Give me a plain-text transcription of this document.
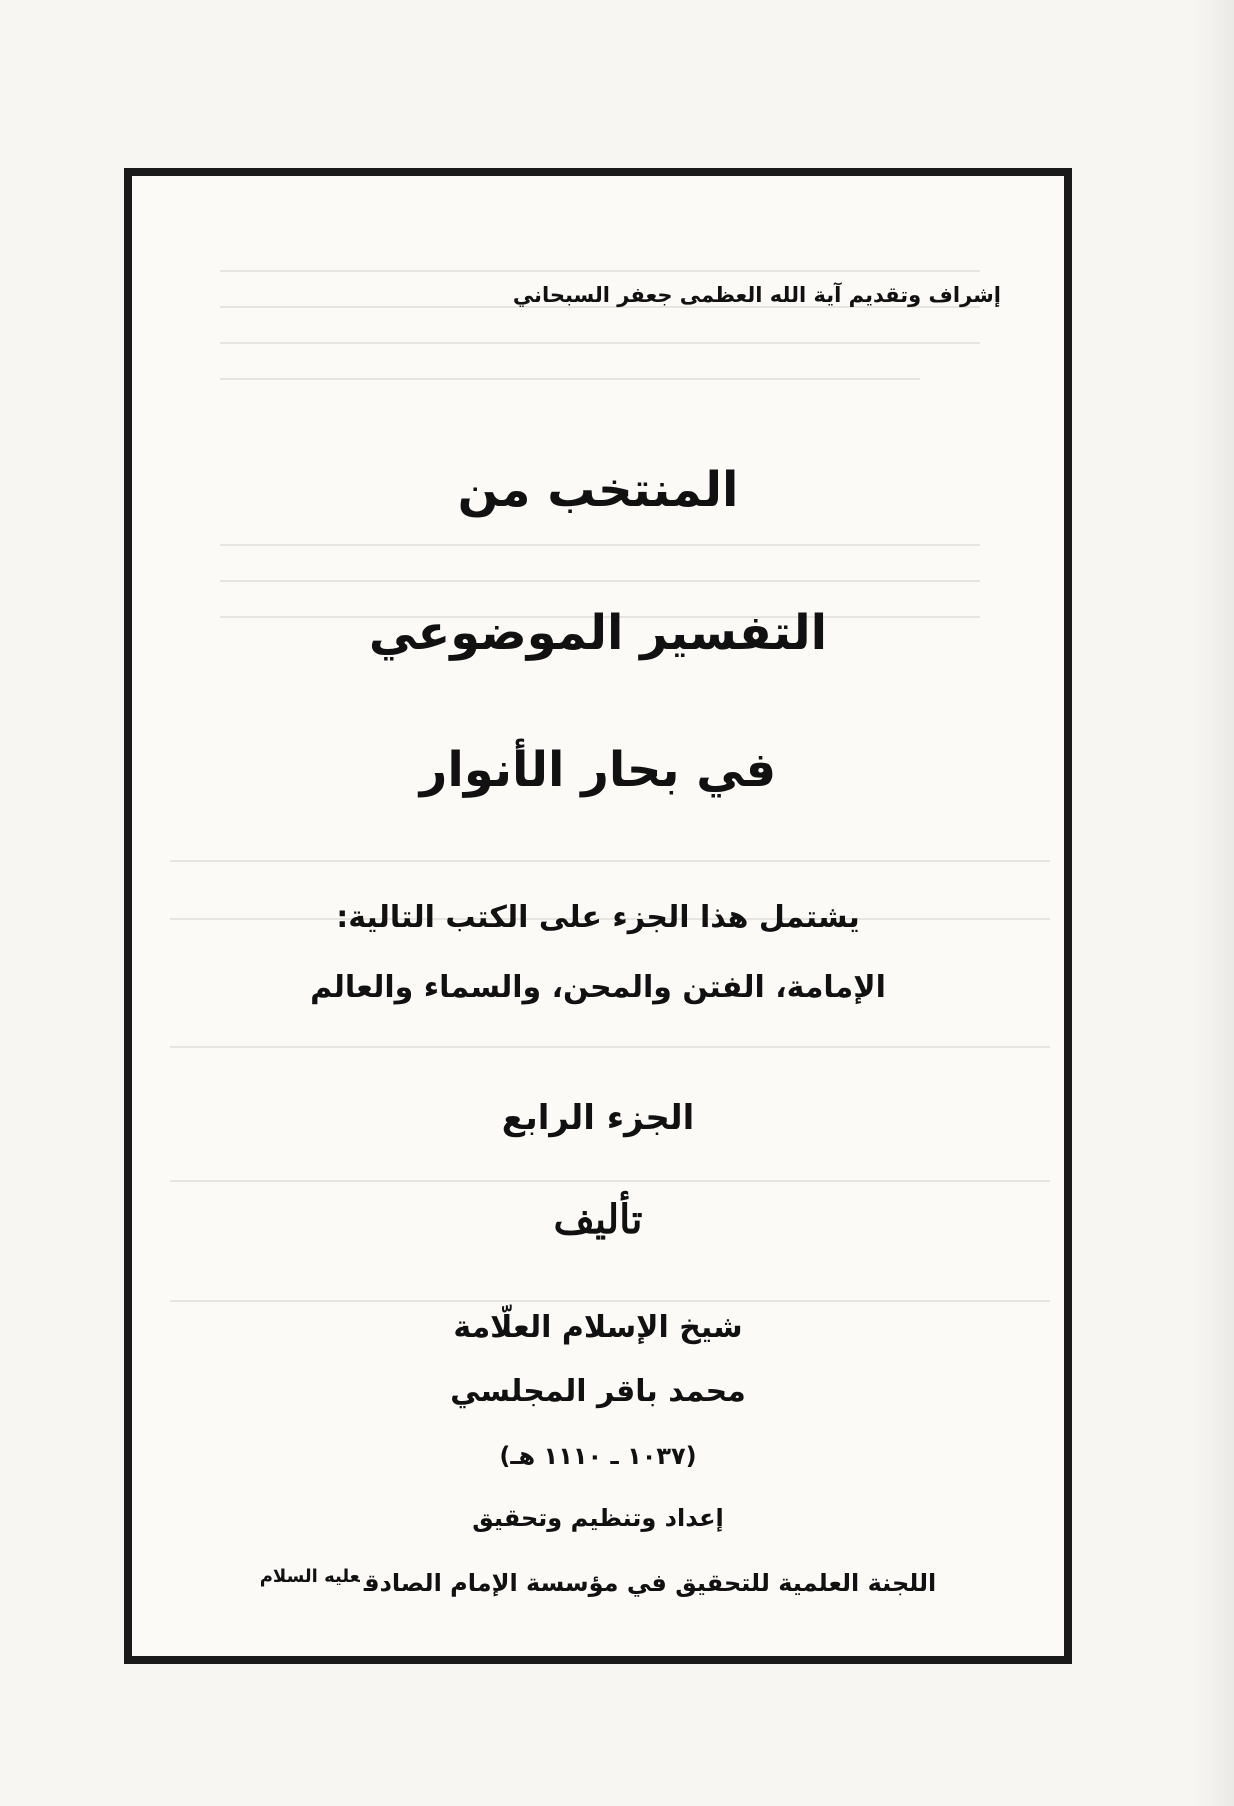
إشراف وتقديم آية الله العظمى جعفر السبحاني
المنتخب من
التفسير الموضوعي
في بحار الأنوار
يشتمل هذا الجزء على الكتب التالية:
الإمامة، الفتن والمحن، والسماء والعالم
الجزء الرابع
تأليف
شيخ الإسلام العلّامة
محمد باقر المجلسي
(١٠٣٧ ـ ١١١٠ هـ)
إعداد وتنظيم وتحقيق
اللجنة العلمية للتحقيق في مؤسسة الإمام الصادق$^{عليه السلام}$
